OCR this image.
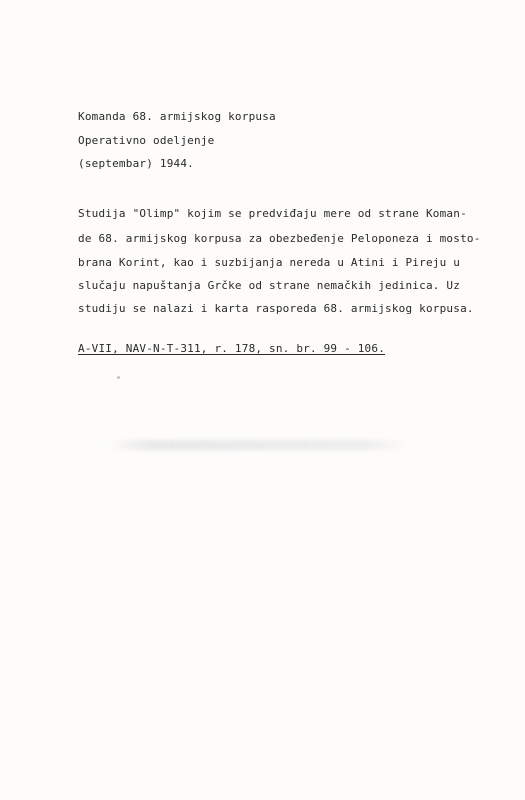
Komanda 68. armijskog korpusa
Operativno odeljenje
(septembar) 1944.
Studija "Olimp" kojim se predviđaju mere od strane Koman-
de 68. armijskog korpusa za obezbeđenje Peloponeza i mosto-
brana Korint, kao i suzbijanja nereda u Atini i Pireju u
slučaju napuštanja Grčke od strane nemačkih jedinica. Uz
studiju se nalazi i karta rasporeda 68. armijskog korpusa.
A-VII, NAV-N-T-311, r. 178, sn. br. 99 - 106.
